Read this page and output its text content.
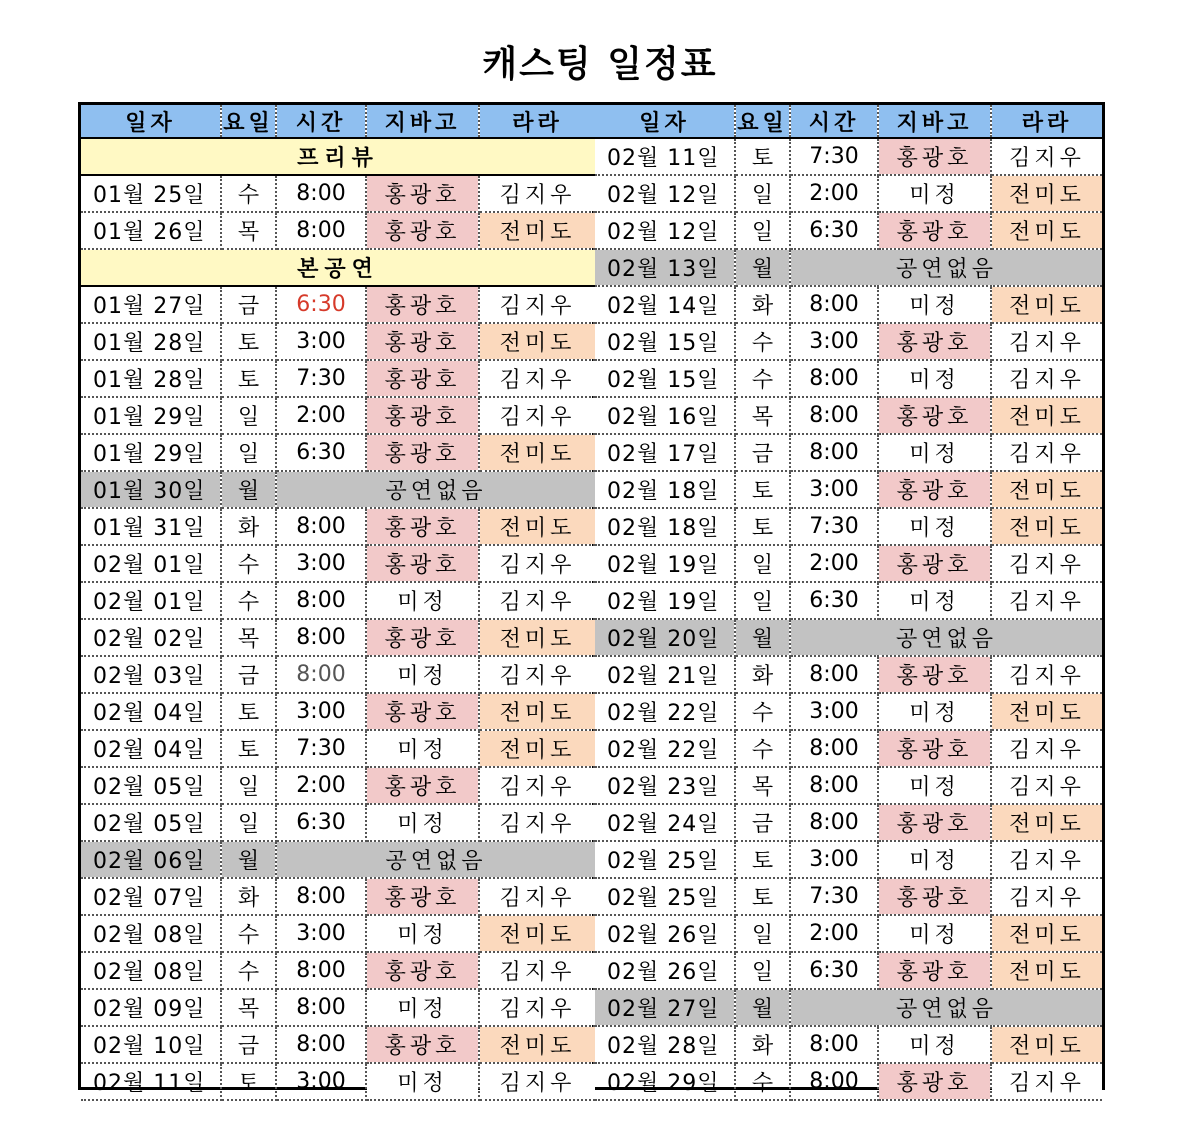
캐스팅 일정표
일자	요일	시간	지바고	라라
프리뷰				
01월 25일	수	8:00	홍광호	김지우
01월 26일	목	8:00	홍광호	전미도
본공연				
01월 27일	금	6:30	홍광호	김지우
01월 28일	토	3:00	홍광호	전미도
01월 28일	토	7:30	홍광호	김지우
01월 29일	일	2:00	홍광호	김지우
01월 29일	일	6:30	홍광호	전미도
01월 30일	월	공연없음		
01월 31일	화	8:00	홍광호	전미도
02월 01일	수	3:00	홍광호	김지우
02월 01일	수	8:00	미정	김지우
02월 02일	목	8:00	홍광호	전미도
02월 03일	금	8:00	미정	김지우
02월 04일	토	3:00	홍광호	전미도
02월 04일	토	7:30	미정	전미도
02월 05일	일	2:00	홍광호	김지우
02월 05일	일	6:30	미정	김지우
02월 06일	월	공연없음		
02월 07일	화	8:00	홍광호	김지우
02월 08일	수	3:00	미정	전미도
02월 08일	수	8:00	홍광호	김지우
02월 09일	목	8:00	미정	김지우
02월 10일	금	8:00	홍광호	전미도
02월 11일	토	3:00	미정	김지우
일자	요일	시간	지바고	라라
02월 11일	토	7:30	홍광호	김지우
02월 12일	일	2:00	미정	전미도
02월 12일	일	6:30	홍광호	전미도
02월 13일	월	공연없음		
02월 14일	화	8:00	미정	전미도
02월 15일	수	3:00	홍광호	김지우
02월 15일	수	8:00	미정	김지우
02월 16일	목	8:00	홍광호	전미도
02월 17일	금	8:00	미정	김지우
02월 18일	토	3:00	홍광호	전미도
02월 18일	토	7:30	미정	전미도
02월 19일	일	2:00	홍광호	김지우
02월 19일	일	6:30	미정	김지우
02월 20일	월	공연없음		
02월 21일	화	8:00	홍광호	김지우
02월 22일	수	3:00	미정	전미도
02월 22일	수	8:00	홍광호	김지우
02월 23일	목	8:00	미정	김지우
02월 24일	금	8:00	홍광호	전미도
02월 25일	토	3:00	미정	김지우
02월 25일	토	7:30	홍광호	김지우
02월 26일	일	2:00	미정	전미도
02월 26일	일	6:30	홍광호	전미도
02월 27일	월	공연없음		
02월 28일	화	8:00	미정	전미도
02월 29일	수	8:00	홍광호	김지우
